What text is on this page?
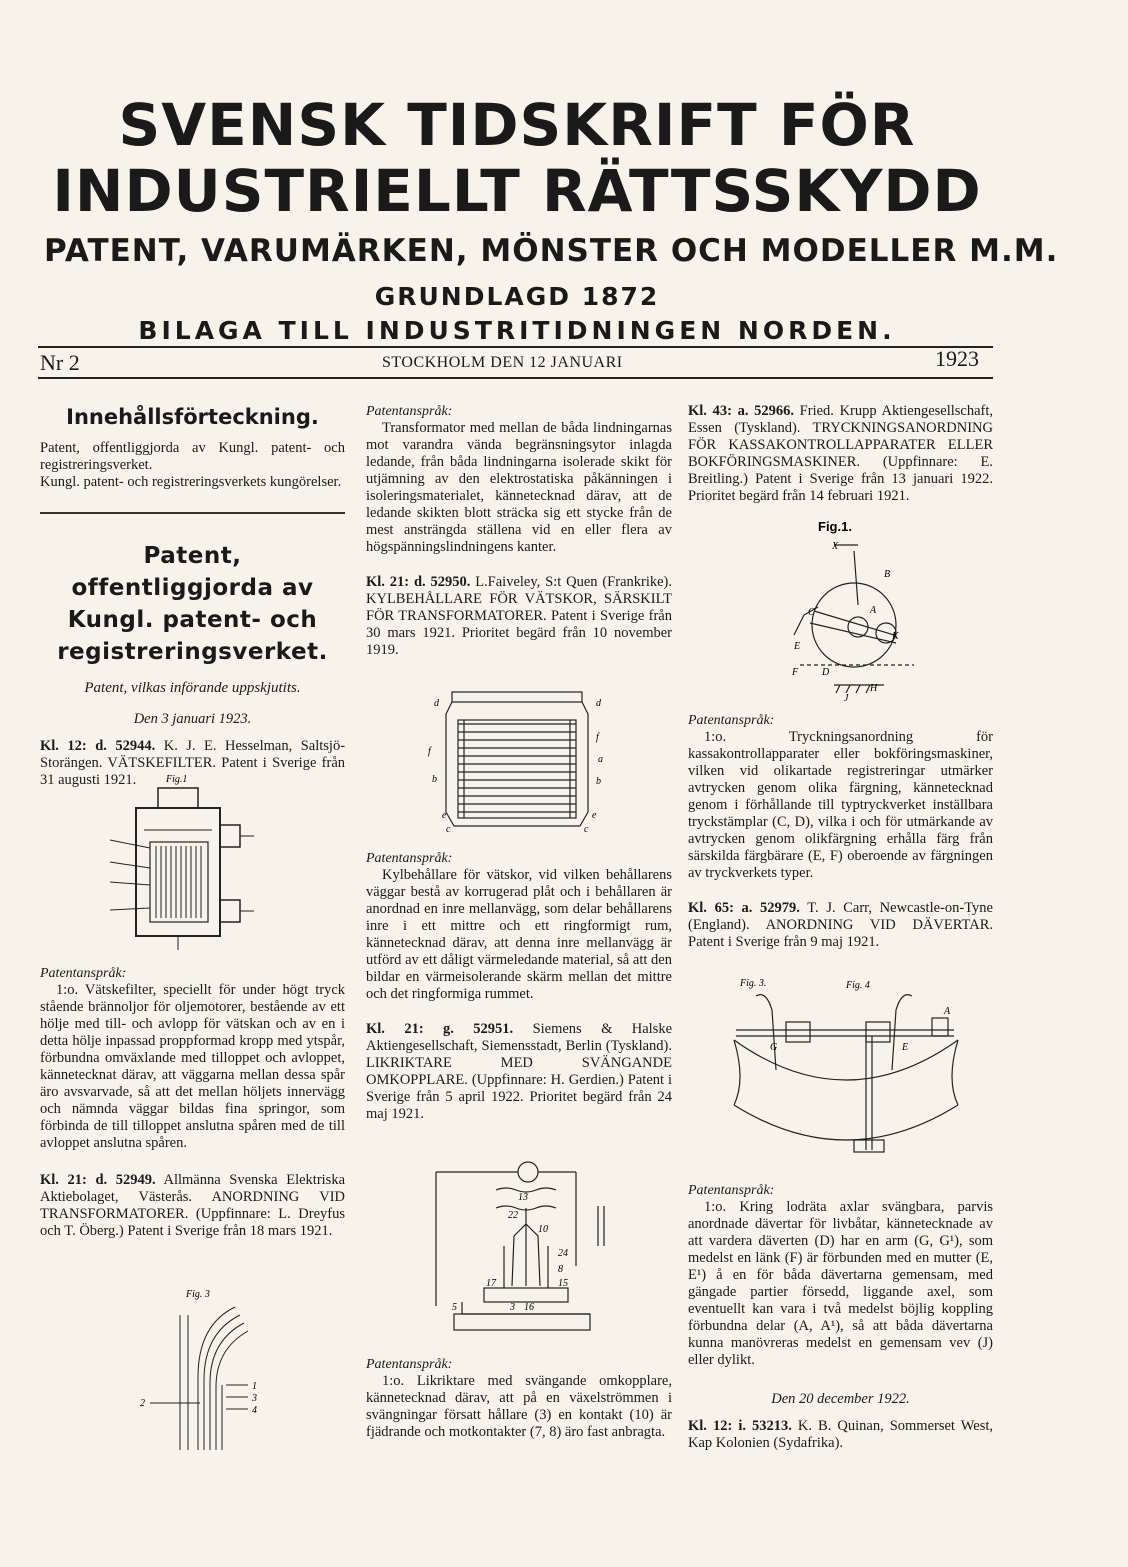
SVENSK TIDSKRIFT FÖR
INDUSTRIELLT RÄTTSSKYDD
PATENT, VARUMÄRKEN, MÖNSTER OCH MODELLER M.M.
GRUNDLAGD 1872
BILAGA TILL INDUSTRITIDNINGEN NORDEN.
Nr 2	STOCKHOLM DEN 12 JANUARI	1923
Innehållsförteckning.

Patent, offentliggjorda av Kungl. patent- och registreringsverket.

Kungl. patent- och registreringsverkets kungörelser.

Patent, offentliggjorda av Kungl. patent- och registreringsverket.

Patent, vilkas införande uppskjutits.

Den 3 januari 1923.

Kl. 12: d. 52944. K. J. E. Hesselman, Saltsjö-Storängen. VÄTSKEFILTER. Patent i Sverige från 31 augusti 1921.	Fig.1

Patentanspråk:

1:o. Vätskefilter, speciellt för under högt tryck stående brännoljor för oljemotorer, bestående av ett hölje med till- och avlopp för vätskan och av en i detta hölje inpassad proppformad kropp med ytspår, förbundna omväxlande med tilloppet och avloppet, kännetecknat därav, att väggarna mellan dessa spår äro avsvarvade, så att det mellan höljets innervägg och nämnda väggar bildas fina springor, som förbinda de till tilloppet anslutna spåren med de till avloppet anslutna spåren.

Kl. 21: d. 52949. Allmänna Svenska Elektriska Aktiebolaget, Västerås. ANORDNING VID TRANSFORMATORER. (Uppfinnare: L. Dreyfus och T. Öberg.) Patent i Sverige från 18 mars 1921.

Fig. 3
1
3
4
2

Patentanspråk:

Transformator med mellan de båda lindningarnas mot varandra vända begränsningsytor inlagda ledande, från båda lindningarna isolerade skikt för utjämning av den elektrostatiska påkänningen i isoleringsmaterialet, kännetecknad därav, att de ledande skikten blott sträcka sig ett stycke från de mest ansträngda ställena vid en eller flera av högspänningslindningens kanter.

Kl. 21: d. 52950. L.Faiveley, S:t Quen (Frankrike). KYLBEHÅLLARE FÖR VÄTSKOR, SÄRSKILT FÖR TRANSFORMATORER. Patent i Sverige från 30 mars 1921. Prioritet begärd från 10 november 1919.

d	d
f
f
a
b	b
e	e
c	c

Patentanspråk:

Kylbehållare för vätskor, vid vilken behållarens väggar bestå av korrugerad plåt och i behållaren är anordnad en inre mellanvägg, som delar behållarens inre i ett mittre och ett ringformigt rum, kännetecknad därav, att denna inre mellanvägg är utförd av ett dåligt värmeledande material, så att den bildar en värmeisolerande skärm mellan det mittre och det ringformiga rummet.

Kl. 21: g. 52951. Siemens & Halske Aktiengesellschaft, Siemensstadt, Berlin (Tyskland). LIKRIKTARE MED SVÄNGANDE OMKOPPLARE. (Uppfinnare: H. Gerdien.) Patent i Sverige från 5 april 1922. Prioritet begärd från 24 maj 1921.

13
22
10
24
8
15
17
3 16
5

Patentanspråk:

1:o. Likriktare med svängande omkopplare, kännetecknad därav, att på en växelströmmen i svängningar försatt hållare (3) en kontakt (10) är fjädrande och motkontakter (7, 8) äro fast anbragta.

Kl. 43: a. 52966. Fried. Krupp Aktiengesellschaft, Essen (Tyskland). TRYCKNINGSANORDNING FÖR KASSAKONTROLLAPPARATER ELLER BOKFÖRINGSMASKINER. (Uppfinnare: E. Breitling.) Patent i Sverige från 13 januari 1922. Prioritet begärd från 14 februari 1921.

Fig.1.
X
B
A
K
C
E
D
F
J
H

Patentanspråk:

1:o. Tryckningsanordning för kassakontrollapparater eller bokföringsmaskiner, vilken vid olikartade registreringar utmärker avtrycken genom olika färgning, kännetecknad genom i förhållande till typtryckverket inställbara tryckstämplar (C, D), vilka i och för utmärkande av avtrycken genom olikfärgning erhålla färg från särskilda färgbärare (E, F) oberoende av färgningen av tryckverkets typer.

Kl. 65: a. 52979. T. J. Carr, Newcastle-on-Tyne (England). ANORDNING VID DÄVERTAR. Patent i Sverige från 9 maj 1921.

Fig. 3.	Fig. 4
G	E
A

Patentanspråk:

1:o. Kring lodräta axlar svängbara, parvis anordnade dävertar för livbåtar, kännetecknade av att vardera däverten (D) har en arm (G, G¹), som medelst en länk (F) är förbunden med en mutter (E, E¹) å en för båda dävertarna gemensam, med gängade partier försedd, liggande axel, som eventuellt kan vara i två medelst böjlig koppling förbundna delar (A, A¹), så att båda dävertarna kunna manövreras medelst en gemensam vev (J) eller dylikt.

Den 20 december 1922.

Kl. 12: i. 53213. K. B. Quinan, Sommerset West, Kap Kolonien (Sydafrika).
